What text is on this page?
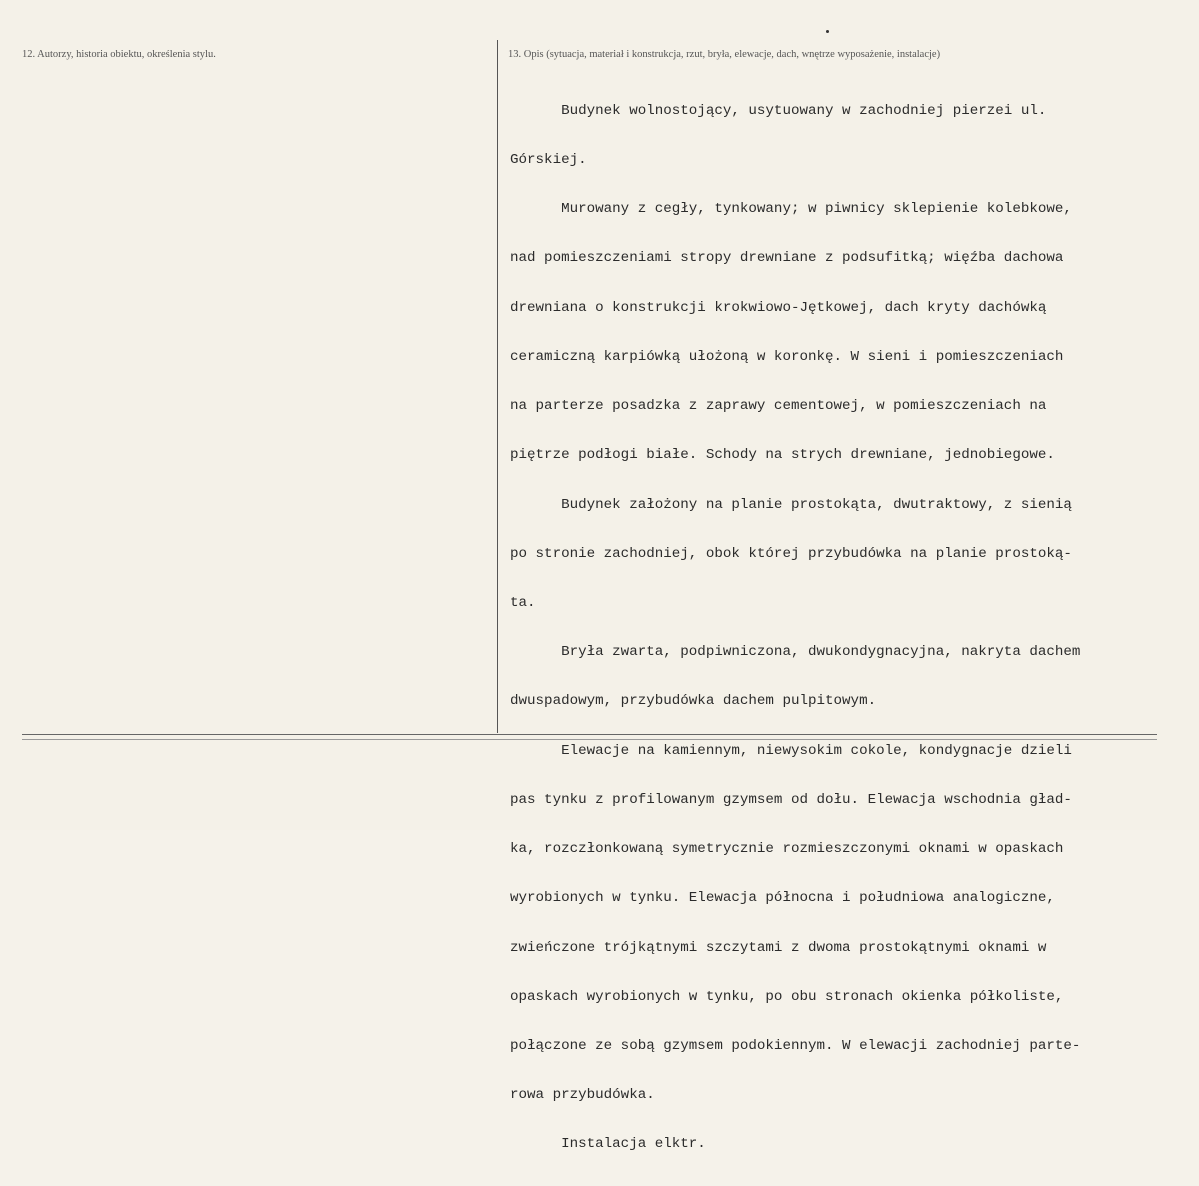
12. Autorzy, historia obiektu, określenia stylu.	13. Opis (sytuacja, materiał i konstrukcja, rzut, bryła, elewacje, dach, wnętrze wyposażenie, instalacje)

Budynek wolnostojący, usytuowany w zachodniej pierzei ul.

Górskiej.

Murowany z cegły, tynkowany; w piwnicy sklepienie kolebkowe,

nad pomieszczeniami stropy drewniane z podsufitką; więźba dachowa

drewniana o konstrukcji krokwiowo-Jętkowej, dach kryty dachówką

ceramiczną karpiówką ułożoną w koronkę. W sieni i pomieszczeniach

na parterze posadzka z zaprawy cementowej, w pomieszczeniach na

piętrze podłogi białe. Schody na strych drewniane, jednobiegowe.

Budynek założony na planie prostokąta, dwutraktowy, z sienią

po stronie zachodniej, obok której przybudówka na planie prostoką-

ta.

Bryła zwarta, podpiwniczona, dwukondygnacyjna, nakryta dachem

dwuspadowym, przybudówka dachem pulpitowym.

Elewacje na kamiennym, niewysokim cokole, kondygnacje dzieli

pas tynku z profilowanym gzymsem od dołu. Elewacja wschodnia gład-

ka, rozczłonkowaną symetrycznie rozmieszczonymi oknami w opaskach

wyrobionych w tynku. Elewacja północna i południowa analogiczne,

zwieńczone trójkątnymi szczytami z dwoma prostokątnymi oknami w

opaskach wyrobionych w tynku, po obu stronach okienka półkoliste,

połączone ze sobą gzymsem podokiennym. W elewacji zachodniej parte-

rowa przybudówka.

Instalacja elktr.
